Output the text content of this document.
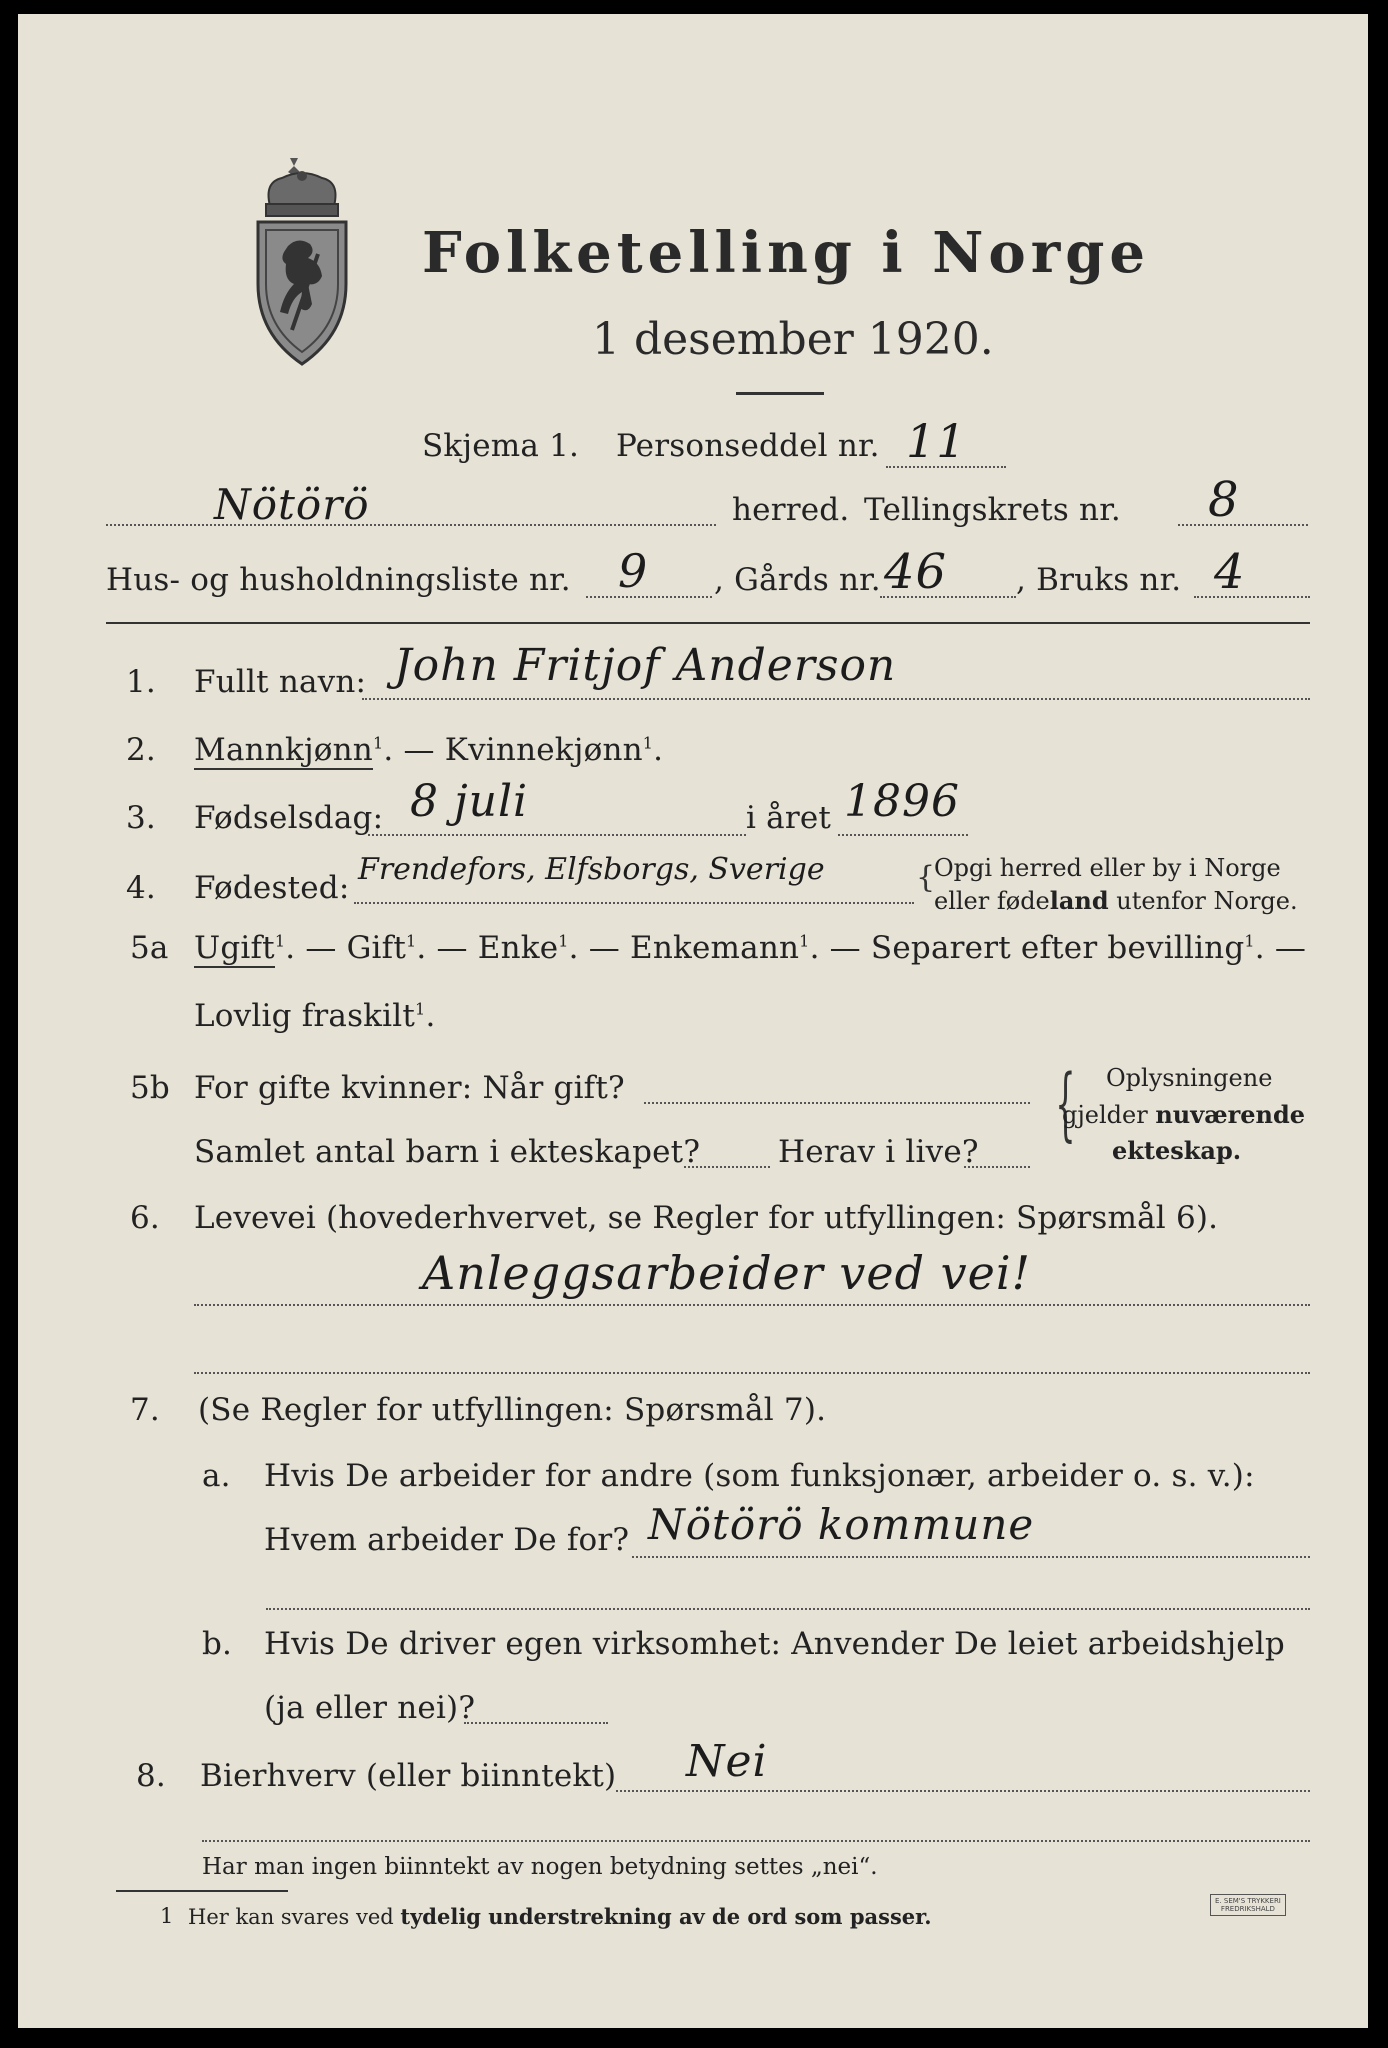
Folketelling i Norge
1 desember 1920.
Skjema 1. Personseddel nr. 11
Nötörö	herred. Tellingskrets nr. 8
Hus- og husholdningsliste nr. 9 , Gårds nr. 46 , Bruks nr. 4
1. Fullt navn: John Fritjof Anderson
2. Mannkjønn$^1$. — Kvinnekjønn$^1$.
3. Fødselsdag: 8 juli	i året 1896
4. Fødested:
Frendefors, Elfsborgs, Sverige	{
Opgi herred eller by i Norge
eller fødeland utenfor Norge.
5a Ugift$^1$. — Gift$^1$. — Enke$^1$. — Enkemann$^1$. — Separert efter bevilling$^1$. —
Lovlig fraskilt$^1$.
5b For gifte kvinner: Når gift?
Samlet antal barn i ekteskapet?	Herav i live?
{ Oplysningene
gjelder nuværende
ekteskap.
6. Levevei (hovederhvervet, se Regler for utfyllingen: Spørsmål 6).
Anleggsarbeider ved vei!
7. (Se Regler for utfyllingen: Spørsmål 7).
a. Hvis De arbeider for andre (som funksjonær, arbeider o. s. v.):
Hvem arbeider De for? Nötörö kommune
b. Hvis De driver egen virksomhet: Anvender De leiet arbeidshjelp
(ja eller nei)?
8. Bierhverv (eller biinntekt) Nei
Har man ingen biinntekt av nogen betydning settes „nei“.
1 Her kan svares ved tydelig understrekning av de ord som passer.
E. SEM'S TRYKKERI
FREDRIKSHALD
